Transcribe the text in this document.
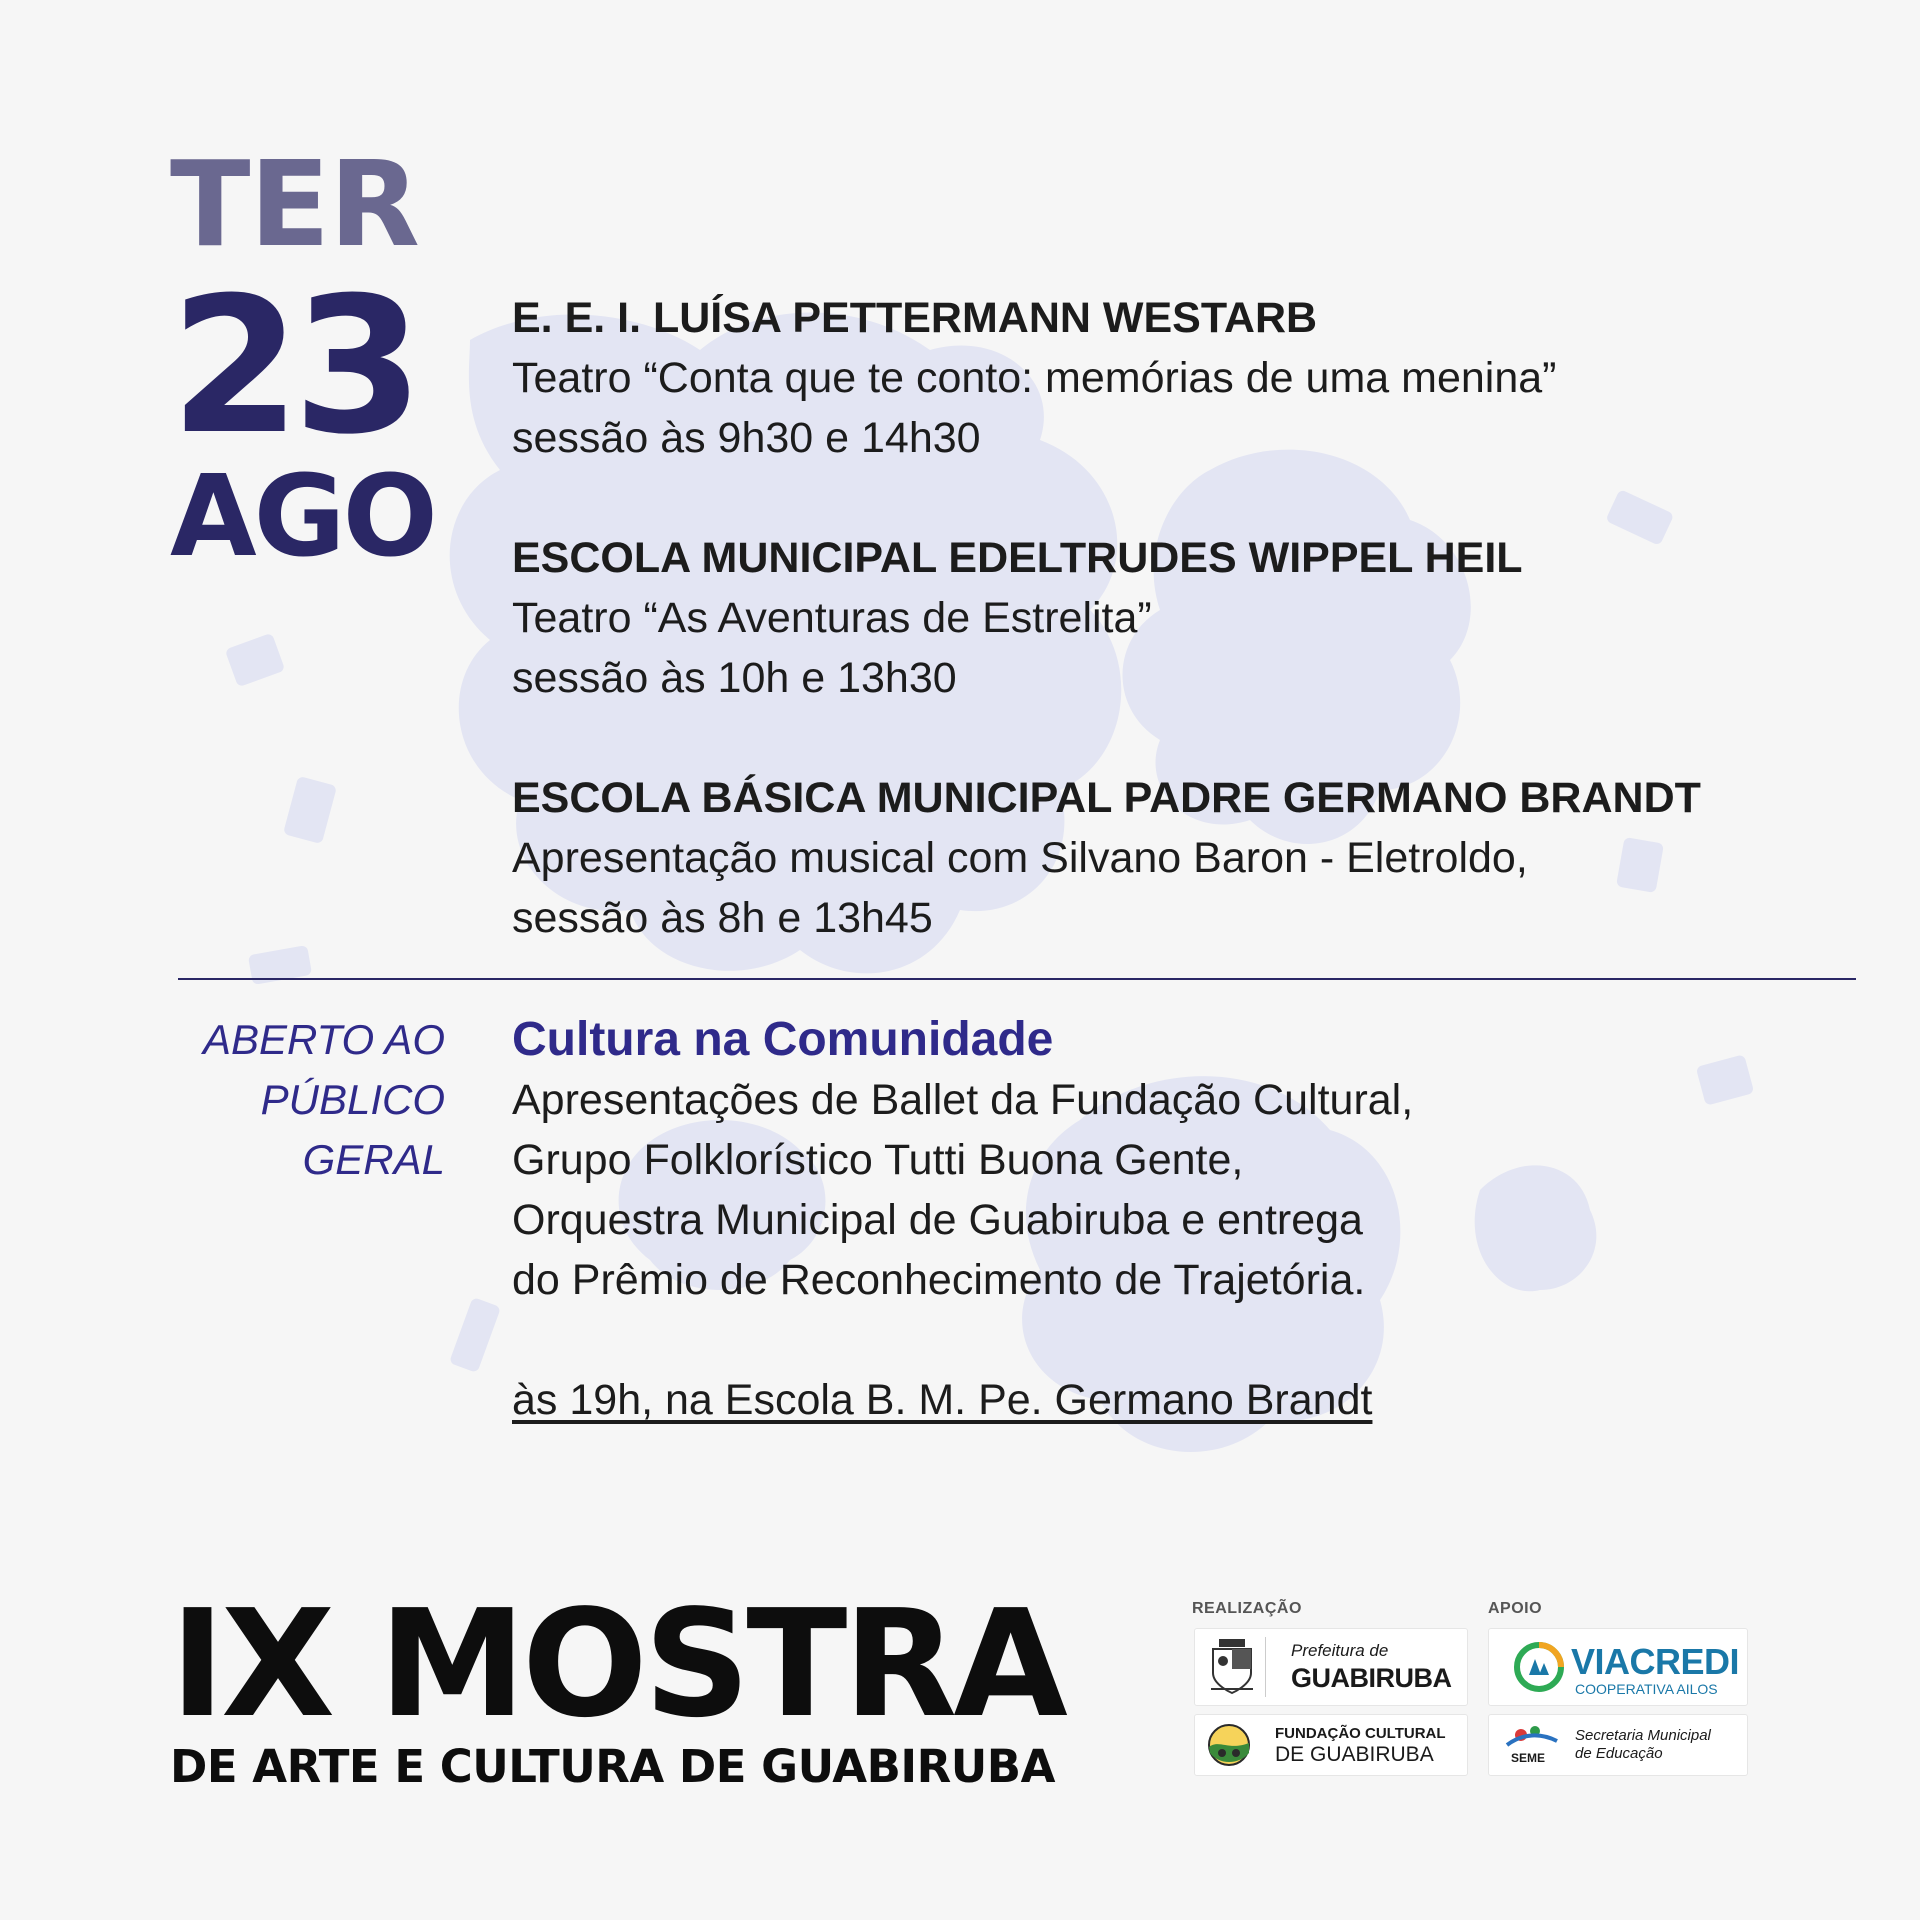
TER
23
AGO
E. E. I. LUÍSA PETTERMANN WESTARB
Teatro “Conta que te conto: memórias de uma menina”
sessão às 9h30 e 14h30
ESCOLA MUNICIPAL EDELTRUDES WIPPEL HEIL
Teatro “As Aventuras de Estrelita”
sessão às 10h e 13h30
ESCOLA BÁSICA MUNICIPAL PADRE GERMANO BRANDT
Apresentação musical com Silvano Baron - Eletroldo,
sessão às 8h e 13h45
ABERTO AO
PÚBLICO
GERAL
Cultura na Comunidade
Apresentações de Ballet da Fundação Cultural,
Grupo Folklorístico Tutti Buona Gente,
Orquestra Municipal de Guabiruba e entrega
do Prêmio de Reconhecimento de Trajetória.
às 19h, na Escola B. M. Pe. Germano Brandt
IX MOSTRA
DE ARTE E CULTURA DE GUABIRUBA
REALIZAÇÃO	APOIO
Prefeitura de
GUABIRUBA
FUNDAÇÃO CULTURAL
DE GUABIRUBA
VIACREDI
COOPERATIVA AILOS
SEME
Secretaria Municipal
de Educação
